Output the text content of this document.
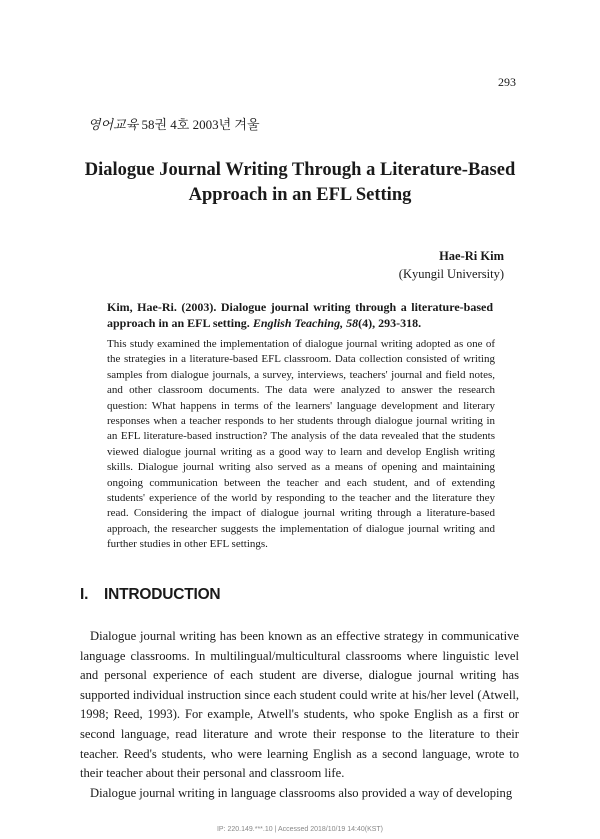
293
영어교육 58권 4호 2003년 겨울
Dialogue Journal Writing Through a Literature-Based
Approach in an EFL Setting
Hae-Ri Kim
(Kyungil University)
Kim, Hae-Ri. (2003). Dialogue journal writing through a literature-based approach in an EFL setting. English Teaching, 58(4), 293-318.

This study examined the implementation of dialogue journal writing adopted as one of the strategies in a literature-based EFL classroom. Data collection consisted of writing samples from dialogue journals, a survey, interviews, teachers' journal and field notes, and other classroom documents. The data were analyzed to answer the research question: What happens in terms of the learners' language development and literary responses when a teacher responds to her students through dialogue journal writing in an EFL literature-based instruction? The analysis of the data revealed that the students viewed dialogue journal writing as a good way to learn and develop English writing skills. Dialogue journal writing also served as a means of opening and maintaining ongoing communication between the teacher and each student, and of extending students' experience of the world by responding to the teacher and the literature they read. Considering the impact of dialogue journal writing through a literature-based approach, the researcher suggests the implementation of dialogue journal writing and further studies in other EFL settings.

I. INTRODUCTION

Dialogue journal writing has been known as an effective strategy in communicative language classrooms. In multilingual/multicultural classrooms where linguistic level and personal experience of each student are diverse, dialogue journal writing has supported individual instruction since each student could write at his/her level (Atwell, 1998; Reed, 1993). For example, Atwell's students, who spoke English as a first or second language, read literature and wrote their response to the literature to their teacher. Reed's students, who were learning English as a second language, wrote to their teacher about their personal and classroom life.

Dialogue journal writing in language classrooms also provided a way of developing

IP: 220.149.***.10 | Accessed 2018/10/19 14:40(KST)
